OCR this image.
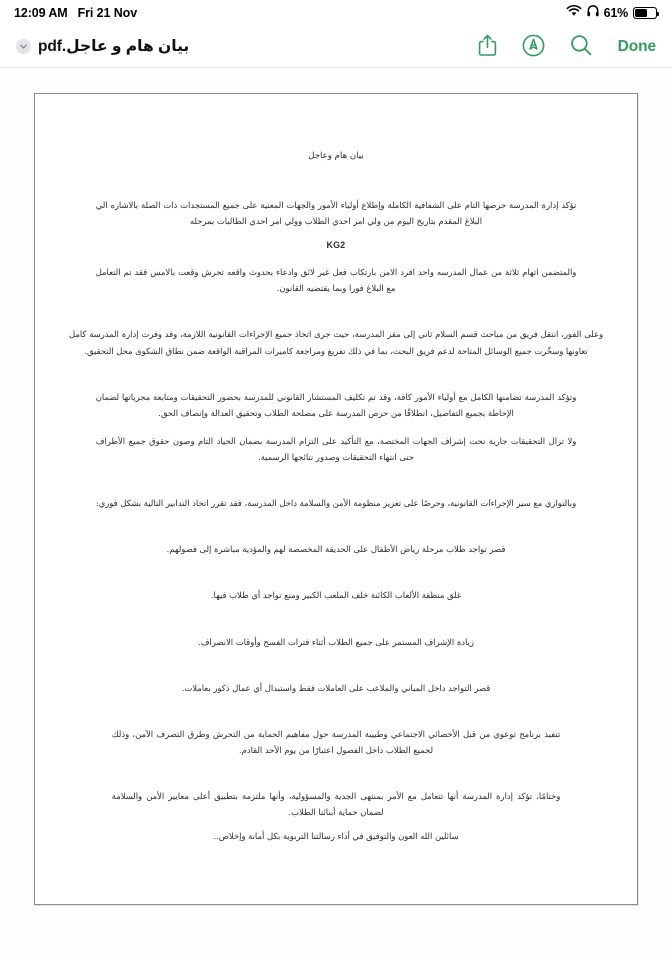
12:09 AM Fri 21 Nov	61%
بيان هام و عاجل.pdf	Done
بيان هام وعاجل
تؤكد إدارة المدرسة حرصها التام على الشفافية الكاملة وإطلاع أولياء الأمور والجهات المعنية على جميع المستجدات ذات الصلة بالاشاره الي البلاغ المقدم بتاريخ اليوم من ولي امر احدي الطلاب وولي امر احدي الطالبات بمرحله
KG2
والمتضمن اتهام ثلاثة من عمال المدرسه واحد افرد الامن بارتكاب فعل غير لائق وادعاء بحدوث واقعه تحرش وقعت بالامس فقد تم التعامل مع البلاغ فورا وبما يقتضيه القانون.
وعلى الفور، انتقل فريق من مباحث قسم السلام ثاني إلى مقر المدرسة، حيث جرى اتخاذ جميع الإجراءات القانونية اللازمة، وقد وفرت إدارة المدرسة كامل تعاونها وسخّرت جميع الوسائل المتاحة لدعم فريق البحث، بما في ذلك تفريغ ومراجعة كاميرات المراقبة الواقعة ضمن نطاق الشكوى محل التحقيق.
وتؤكد المدرسة تضامنها الكامل مع أولياء الأمور كافة، وقد تم تكليف المستشار القانوني للمدرسة بحضور التحقيقات ومتابعة مجرياتها لضمان الإحاطة بجميع التفاصيل، انطلاقًا من حرص المدرسة على مصلحة الطلاب وتحقيق العدالة وإنصاف الحق.
ولا تزال التحقيقات جارية تحت إشراف الجهات المختصة، مع التأكيد على التزام المدرسة بضمان الحياد التام وصون حقوق جميع الأطراف حتى انتهاء التحقيقات وصدور نتائجها الرسمية.
وبالتوازي مع سير الإجراءات القانونية، وحرصًا على تعزيز منظومة الأمن والسلامة داخل المدرسة، فقد تقرر اتخاذ التدابير التالية بشكل فوري:
قصر تواجد طلاب مرحلة رياض الأطفال على الحديقة المخصصة لهم والمؤدية مباشرة إلى فصولهم.
غلق منطقة الألعاب الكائنة خلف الملعب الكبير ومنع تواجد أي طلاب فيها.
زيادة الإشراف المستمر على جميع الطلاب أثناء فترات الفسح وأوقات الانصراف.
قصر التواجد داخل المباني والملاعب على العاملات فقط واستبدال أي عمال ذكور بعاملات.
تنفيذ برنامج توعوي من قبل الأخصائي الاجتماعي وطبيبة المدرسة حول مفاهيم الحماية من التحرش وطرق التصرف الآمن، وذلك لجميع الطلاب داخل الفصول اعتبارًا من يوم الأحد القادم.
وختامًا، تؤكد إدارة المدرسة أنها تتعامل مع الأمر بمنتهى الجدية والمسؤولية، وأنها ملتزمة بتطبيق أعلى معايير الأمن والسلامة لضمان حماية أبنائنا الطلاب.
سائلين الله العون والتوفيق في أداء رسالتنا التربوية بكل أمانة وإخلاص..
